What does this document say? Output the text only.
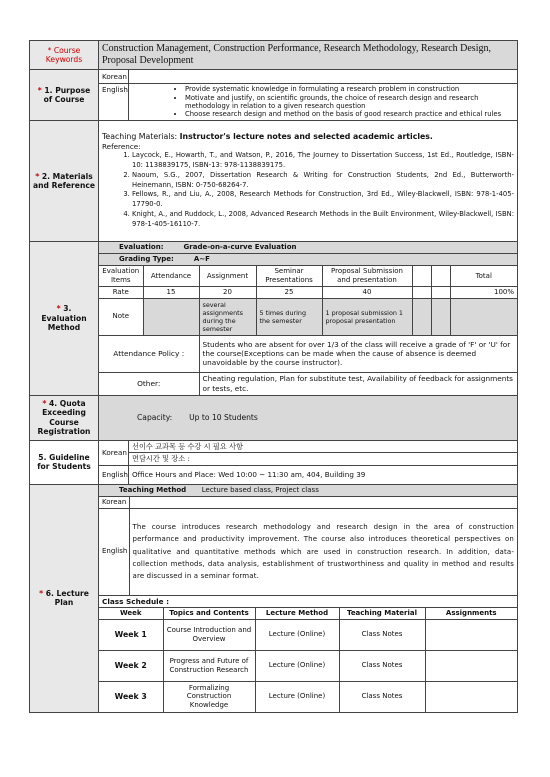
* Course Keywords	Construction Management, Construction Performance, Research Methodology, Research Design, Proposal Development
* 1. Purpose of Course	Korean	
English	
•Provide systematic knowledge in formulating a research problem in construction
• Motivate and justify, on scientific grounds, the choice of research design and research methodology in relation to a given research question
• Choose research design and method on the basis of good research practice and ethical rules

* 2. Materials and Reference	
Teaching Materials: Instructor's lecture notes and selected academic articles.
Reference:
1. Laycock, E., Howarth, T., and Watson, P., 2016, The Journey to Dissertation Success, 1st Ed., Routledge, ISBN-10: 1138839175, ISBN-13: 978-1138839175.
2. Naoum, S.G., 2007, Dissertation Research & Writing for Construction Students, 2nd Ed., Butterworth-Heinemann, ISBN: 0-750-68264-7.
3. Fellows, R., and Liu, A., 2008, Research Methods for Construction, 3rd Ed., Wiley-Blackwell, ISBN: 978-1-405-17790-0.
4. Knight, A., and Ruddock, L., 2008, Advanced Research Methods in the Built Environment, Wiley-Blackwell, ISBN: 978-1-405-16110-7.

* 3. Evaluation Method	
Evaluation:	Grade-on-a-curve Evaluation
Grading Type:	A~F
Evaluation Items	Attendance	Assignment	Seminar Presentations	Proposal Submission and presentation			Total
Rate	15	20	25	40			100%
Note		several assignments during the semester	5 times during the semester	1 proposal submission 1 proposal presentation			
Attendance Policy :	Students who are absent for over 1/3 of the class will receive a grade of 'F' or 'U' for the course(Exceptions can be made when the cause of absence is deemed unavoidable by the course instructor).
Other:	Cheating regulation, Plan for substitute test, Availability of feedback for assignments or tests, etc.

* 4. Quota Exceeding Course Registration	Capacity: Up to 10 Students
5. Guideline for Students	Korean	
선이수 교과목 등 수강 시 필요 사항
면담시간 및 장소 :

English	Office Hours and Place: Wed 10:00 ~ 11:30 am, 404, Building 39
* 6. Lecture Plan	
Teaching Method Lecture based class, Project class
Korean	
English	The course introduces research methodology and research design in the area of construction performance and productivity improvement. The course also introduces theoretical perspectives on qualitative and quantitative methods which are used in construction research. In addition, data-collection methods, data analysis, establishment of trustworthiness and quality in method and results are discussed in a seminar format.

Class Schedule :
Week	Topics and Contents	Lecture Method	Teaching Material	Assignments
Week 1	Course Introduction and Overview	Lecture (Online)	Class Notes	
Week 2	Progress and Future of Construction Research	Lecture (Online)	Class Notes	
Week 3	Formalizing Construction Knowledge	Lecture (Online)	Class Notes	
